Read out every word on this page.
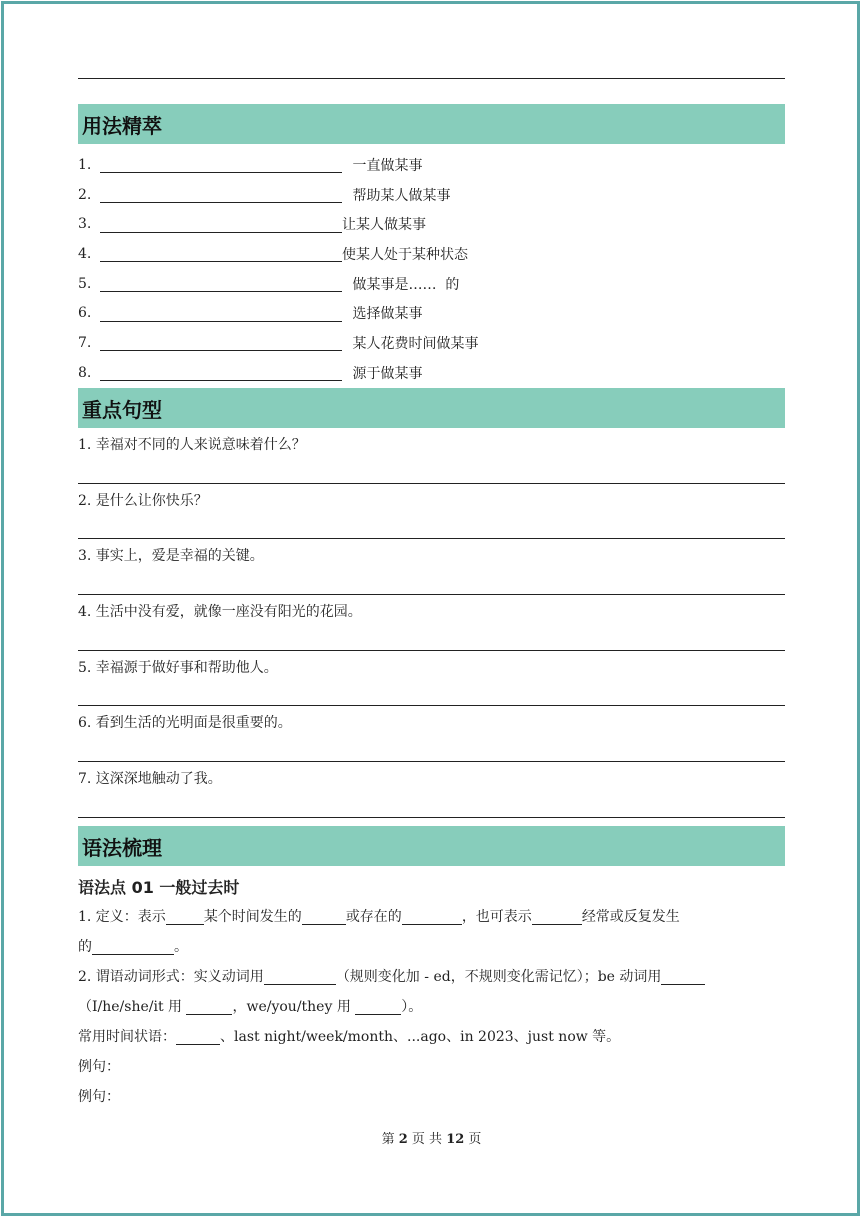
用法精萃
1.	一直做某事
2.	帮助某人做某事
3.	让某人做某事
4.	使某人处于某种状态
5.	做某事是……  的
6.	选择做某事
7.	某人花费时间做某事
8.	源于做某事
重点句型
1. 幸福对不同的人来说意味着什么？
2. 是什么让你快乐？
3. 事实上，爱是幸福的关键。
4. 生活中没有爱，就像一座没有阳光的花园。
5. 幸福源于做好事和帮助他人。
6. 看到生活的光明面是很重要的。
7. 这深深地触动了我。
语法梳理
语法点 01 一般过去时
1. 定义：表示	某个时间发生的	或存在的	，也可表示	经常或反复发生
的	。
2. 谓语动词形式：实义动词用	（规则变化加 - ed，不规则变化需记忆）；be 动词用
（I/he/she/it 用	，we/you/they 用	）。
常用时间状语：	、last night/week/month、...ago、in 2023、just now 等。
例句：
例句：
第 2 页 共 12 页
